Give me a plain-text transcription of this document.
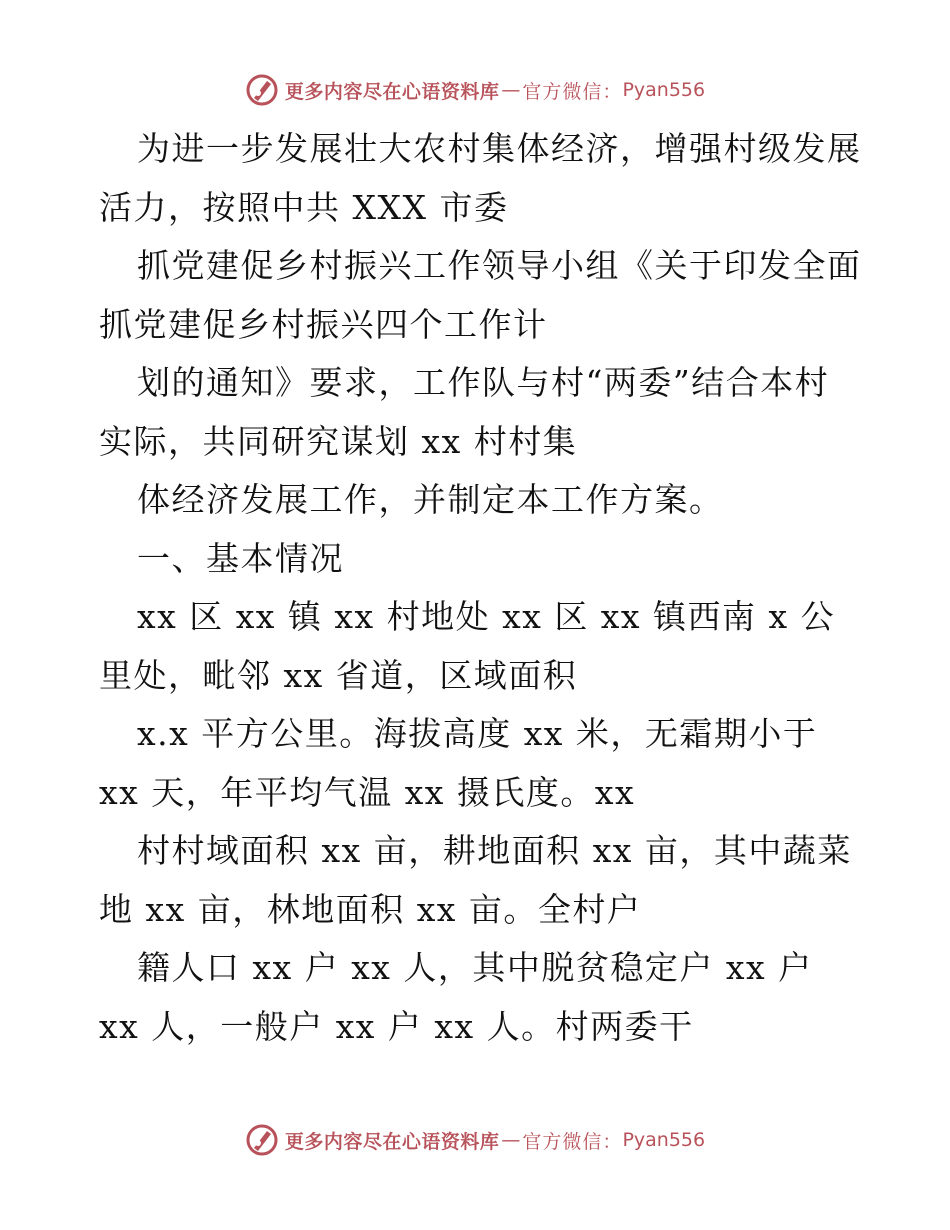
更多内容尽在心语资料库 — 官方微信： Pyan556
为进一步发展壮大农村集体经济，增强村级发展
活力，按照中共 XXX 市委
抓党建促乡村振兴工作领导小组《关于印发全面
抓党建促乡村振兴四个工作计
划的通知》要求，工作队与村“两委”结合本村
实际，共同研究谋划 xx 村村集
体经济发展工作，并制定本工作方案。
一、基本情况
xx 区 xx 镇 xx 村地处 xx 区 xx 镇西南 x 公
里处，毗邻 xx 省道，区域面积
x.x 平方公里。海拔高度 xx 米，无霜期小于
xx 天，年平均气温 xx 摄氏度。xx
村村域面积 xx 亩，耕地面积 xx 亩，其中蔬菜
地 xx 亩，林地面积 xx 亩。全村户
籍人口 xx 户 xx 人，其中脱贫稳定户 xx 户
xx 人，一般户 xx 户 xx 人。村两委干
更多内容尽在心语资料库 — 官方微信： Pyan556
